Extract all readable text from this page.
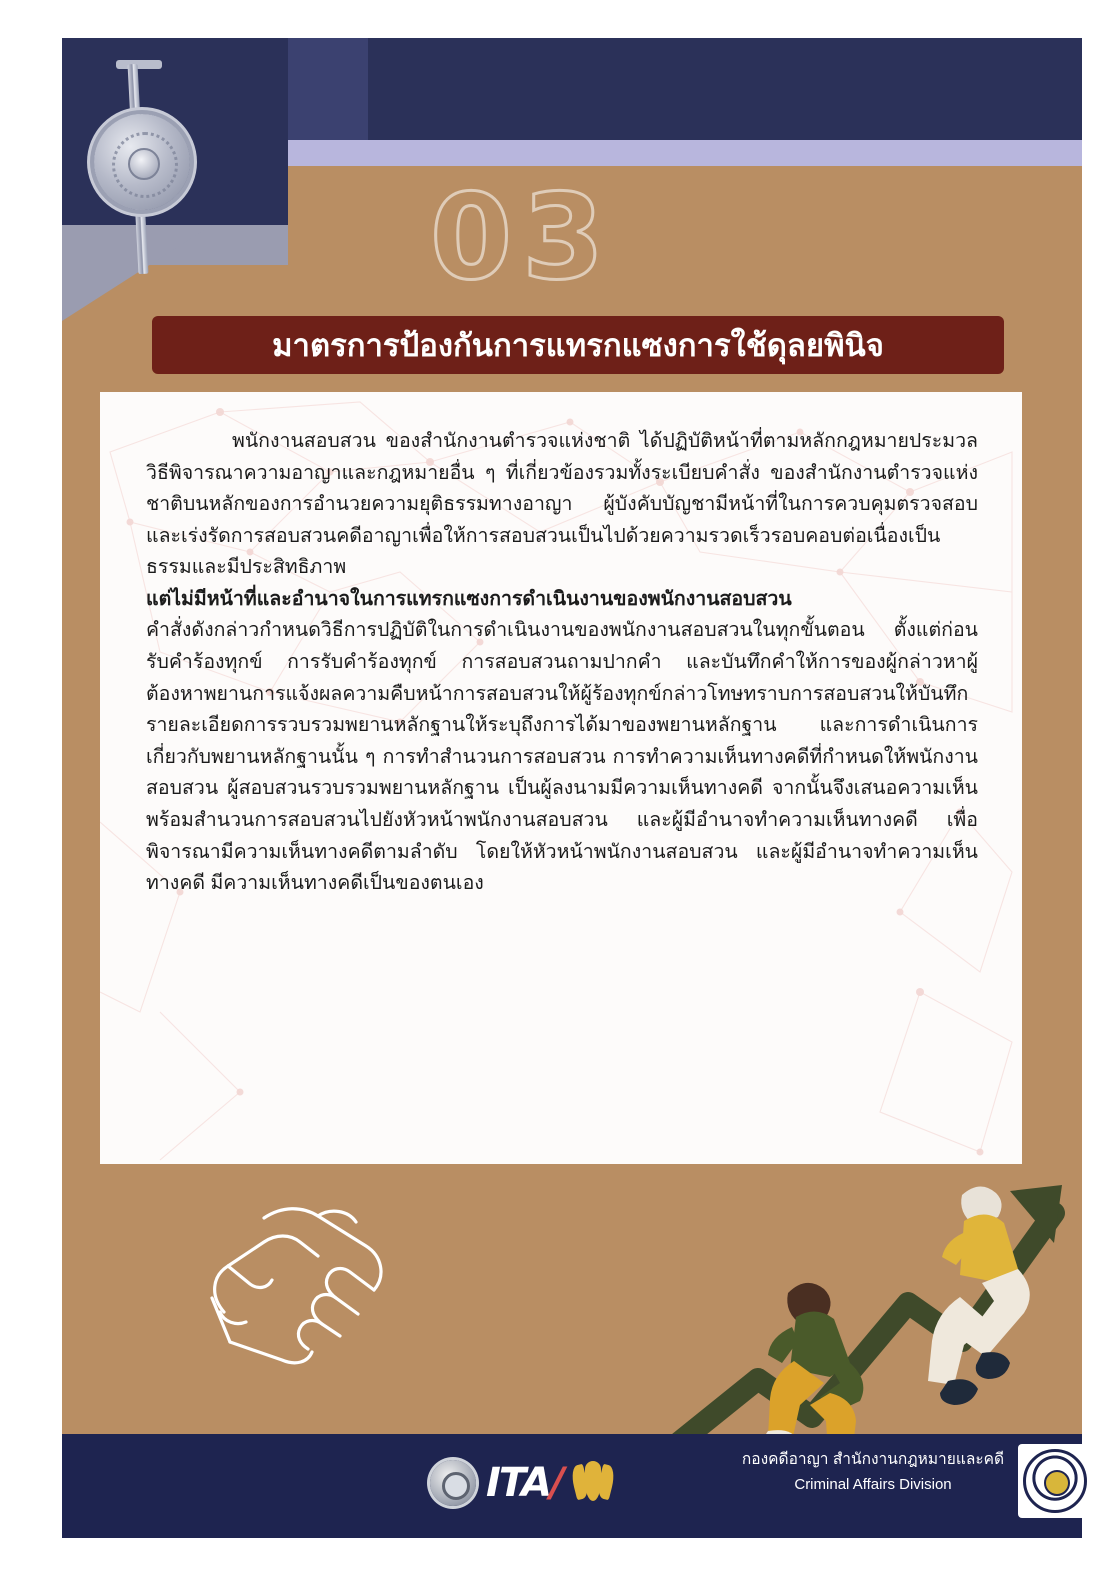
03
มาตรการป้องกันการแทรกแซงการใช้ดุลยพินิจ

พนักงานสอบสวน ของสำนักงานตำรวจแห่งชาติ ได้ปฏิบัติหน้าที่ตามหลักกฎหมายประมวลวิธีพิจารณาความอาญาและกฎหมายอื่น ๆ ที่เกี่ยวข้องรวมทั้งระเบียบคำสั่ง ของสำนักงานตำรวจแห่งชาติบนหลักของการอำนวยความยุติธรรมทางอาญา ผู้บังคับบัญชามีหน้าที่ในการควบคุมตรวจสอบและเร่งรัดการสอบสวนคดีอาญาเพื่อให้การสอบสวนเป็นไปด้วยความรวดเร็วรอบคอบต่อเนื่องเป็นธรรมและมีประสิทธิภาพ

แต่ไม่มีหน้าที่และอำนาจในการแทรกแซงการดำเนินงานของพนักงานสอบสวน

คำสั่งดังกล่าวกำหนดวิธีการปฏิบัติในการดำเนินงานของพนักงานสอบสวนในทุกขั้นตอน ตั้งแต่ก่อนรับคำร้องทุกข์ การรับคำร้องทุกข์ การสอบสวนถามปากคำ และบันทึกคำให้การของผู้กล่าวหาผู้ต้องหาพยานการแจ้งผลความคืบหน้าการสอบสวนให้ผู้ร้องทุกข์กล่าวโทษทราบการสอบสวนให้บันทึกรายละเอียดการรวบรวมพยานหลักฐานให้ระบุถึงการได้มาของพยานหลักฐาน และการดำเนินการเกี่ยวกับพยานหลักฐานนั้น ๆ การทำสำนวนการสอบสวน การทำความเห็นทางคดีที่กำหนดให้พนักงานสอบสวน ผู้สอบสวนรวบรวมพยานหลักฐาน เป็นผู้ลงนามมีความเห็นทางคดี จากนั้นจึงเสนอความเห็นพร้อมสำนวนการสอบสวนไปยังหัวหน้าพนักงานสอบสวน และผู้มีอำนาจทำความเห็นทางคดี เพื่อพิจารณามีความเห็นทางคดีตามลำดับ โดยให้หัวหน้าพนักงานสอบสวน และผู้มีอำนาจทำความเห็นทางคดี มีความเห็นทางคดีเป็นของตนเอง

ITA/
กองคดีอาญา สำนักงานกฎหมายและคดี
Criminal Affairs Division
